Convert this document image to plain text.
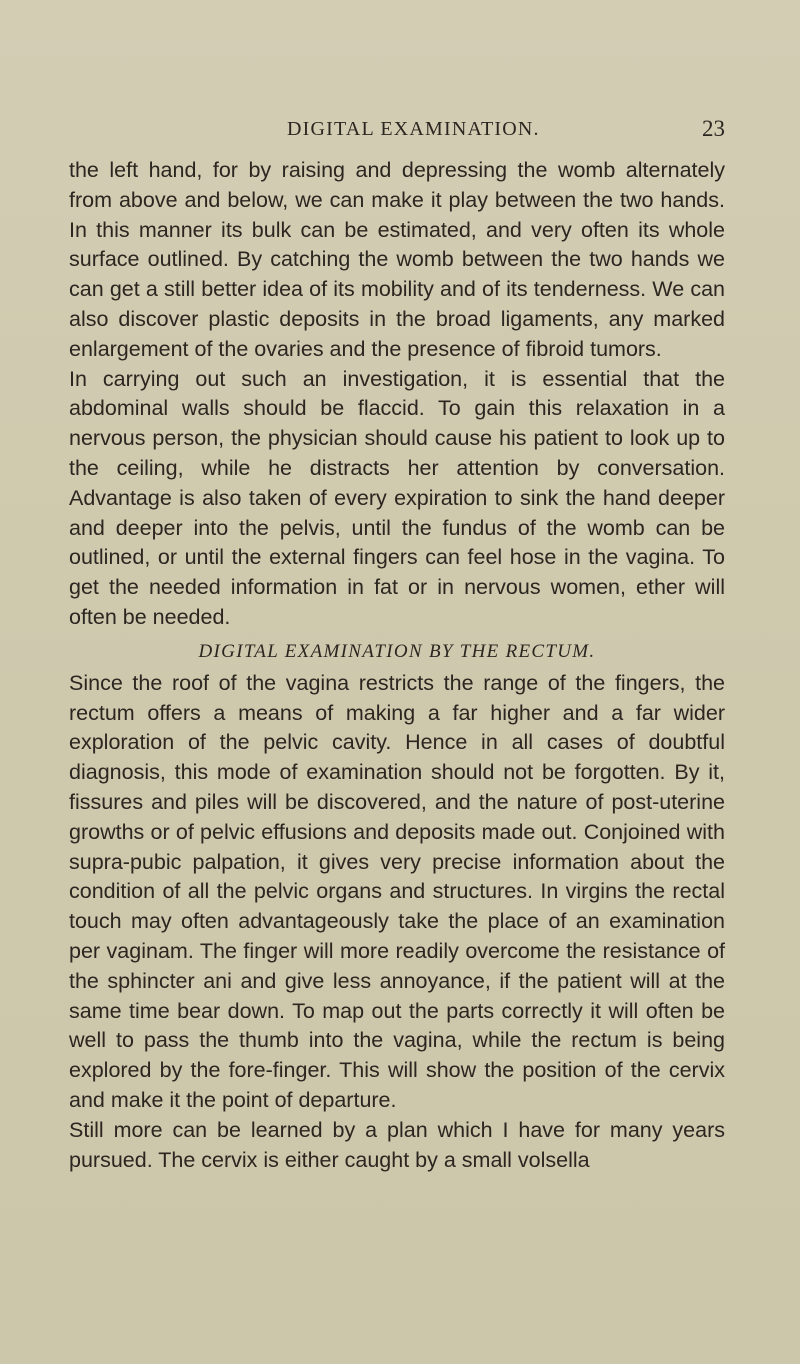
DIGITAL EXAMINATION.	23

the left hand, for by raising and depressing the womb alternately from above and below, we can make it play between the two hands. In this manner its bulk can be estimated, and very often its whole surface outlined. By catching the womb between the two hands we can get a still better idea of its mobility and of its tenderness. We can also discover plastic deposits in the broad ligaments, any marked enlargement of the ovaries and the presence of fibroid tumors.

In carrying out such an investigation, it is essential that the abdominal walls should be flaccid. To gain this relaxation in a nervous person, the physician should cause his patient to look up to the ceiling, while he distracts her attention by conversation. Advantage is also taken of every expiration to sink the hand deeper and deeper into the pelvis, until the fundus of the womb can be outlined, or until the external fingers can feel hose in the vagina. To get the needed information in fat or in nervous women, ether will often be needed.

DIGITAL EXAMINATION BY THE RECTUM.

Since the roof of the vagina restricts the range of the fingers, the rectum offers a means of making a far higher and a far wider exploration of the pelvic cavity. Hence in all cases of doubtful diagnosis, this mode of examination should not be forgotten. By it, fissures and piles will be discovered, and the nature of post-uterine growths or of pelvic effusions and deposits made out. Conjoined with supra-pubic palpation, it gives very precise information about the condition of all the pelvic organs and structures. In virgins the rectal touch may often advantageously take the place of an examination per vaginam. The finger will more readily overcome the resistance of the sphincter ani and give less annoyance, if the patient will at the same time bear down. To map out the parts correctly it will often be well to pass the thumb into the vagina, while the rectum is being explored by the fore-finger. This will show the position of the cervix and make it the point of departure.

Still more can be learned by a plan which I have for many years pursued. The cervix is either caught by a small volsella
